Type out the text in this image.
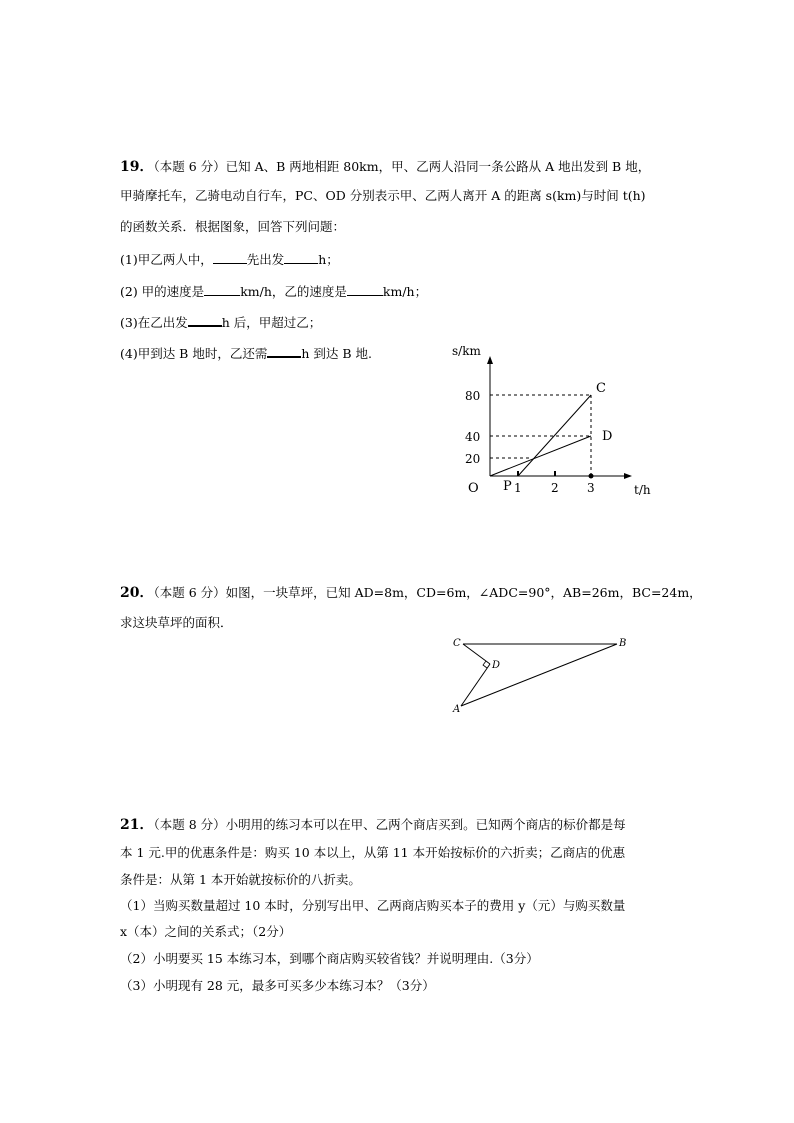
19．（本题 6 分）已知 A、B 两地相距 80km，甲、乙两人沿同一条公路从 A 地出发到 B 地，
甲骑摩托车，乙骑电动自行车，PC、OD 分别表示甲、乙两人离开 A 的距离 s(km)与时间 t(h)
的函数关系．根据图象，回答下列问题：
(1)甲乙两人中，	先出发	h；
(2) 甲的速度是	km/h，乙的速度是	km/h；
(3)在乙出发	h 后，甲超过乙；
(4)甲到达 B 地时，乙还需	h 到达 B 地.	s/km
t/h
80
40
20
O P 1 2 3
C
D
20．（本题 6 分）如图，一块草坪，已知 AD=8m，CD=6m，∠ADC=90°，AB=26m，BC=24m，
求这块草坪的面积．
C	B
D
A
21．（本题 8 分）小明用的练习本可以在甲、乙两个商店买到。已知两个商店的标价都是每
本 1 元.甲的优惠条件是：购买 10 本以上，从第 11 本开始按标价的六折卖；乙商店的优惠
条件是：从第 1 本开始就按标价的八折卖。
（1）当购买数量超过 10 本时，分别写出甲、乙两商店购买本子的费用 y（元）与购买数量
x（本）之间的关系式；（2分）
（2）小明要买 15 本练习本，到哪个商店购买较省钱？并说明理由.（3分）
（3）小明现有 28 元，最多可买多少本练习本？（3分）
